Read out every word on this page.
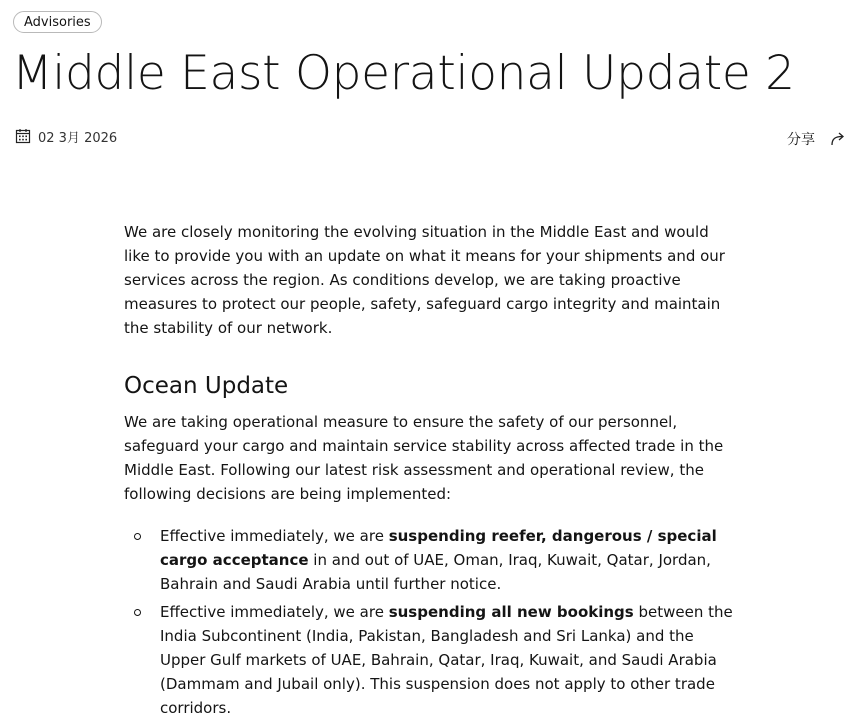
Advisories
Middle East Operational Update 2
02 3月 2026	分享

We are closely monitoring the evolving situation in the Middle East and would like to provide you with an update on what it means for your shipments and our services across the region. As conditions develop, we are taking proactive measures to protect our people, safety, safeguard cargo integrity and maintain the stability of our network.

Ocean Update

We are taking operational measure to ensure the safety of our personnel, safeguard your cargo and maintain service stability across affected trade in the Middle East. Following our latest risk assessment and operational review, the following decisions are being implemented:

Effective immediately, we are suspending reefer, dangerous / special cargo acceptance in and out of UAE, Oman, Iraq, Kuwait, Qatar, Jordan, Bahrain and Saudi Arabia until further notice.
Effective immediately, we are suspending all new bookings between the India Subcontinent (India, Pakistan, Bangladesh and Sri Lanka) and the Upper Gulf markets of UAE, Bahrain, Qatar, Iraq, Kuwait, and Saudi Arabia (Dammam and Jubail only). This suspension does not apply to other trade corridors.
